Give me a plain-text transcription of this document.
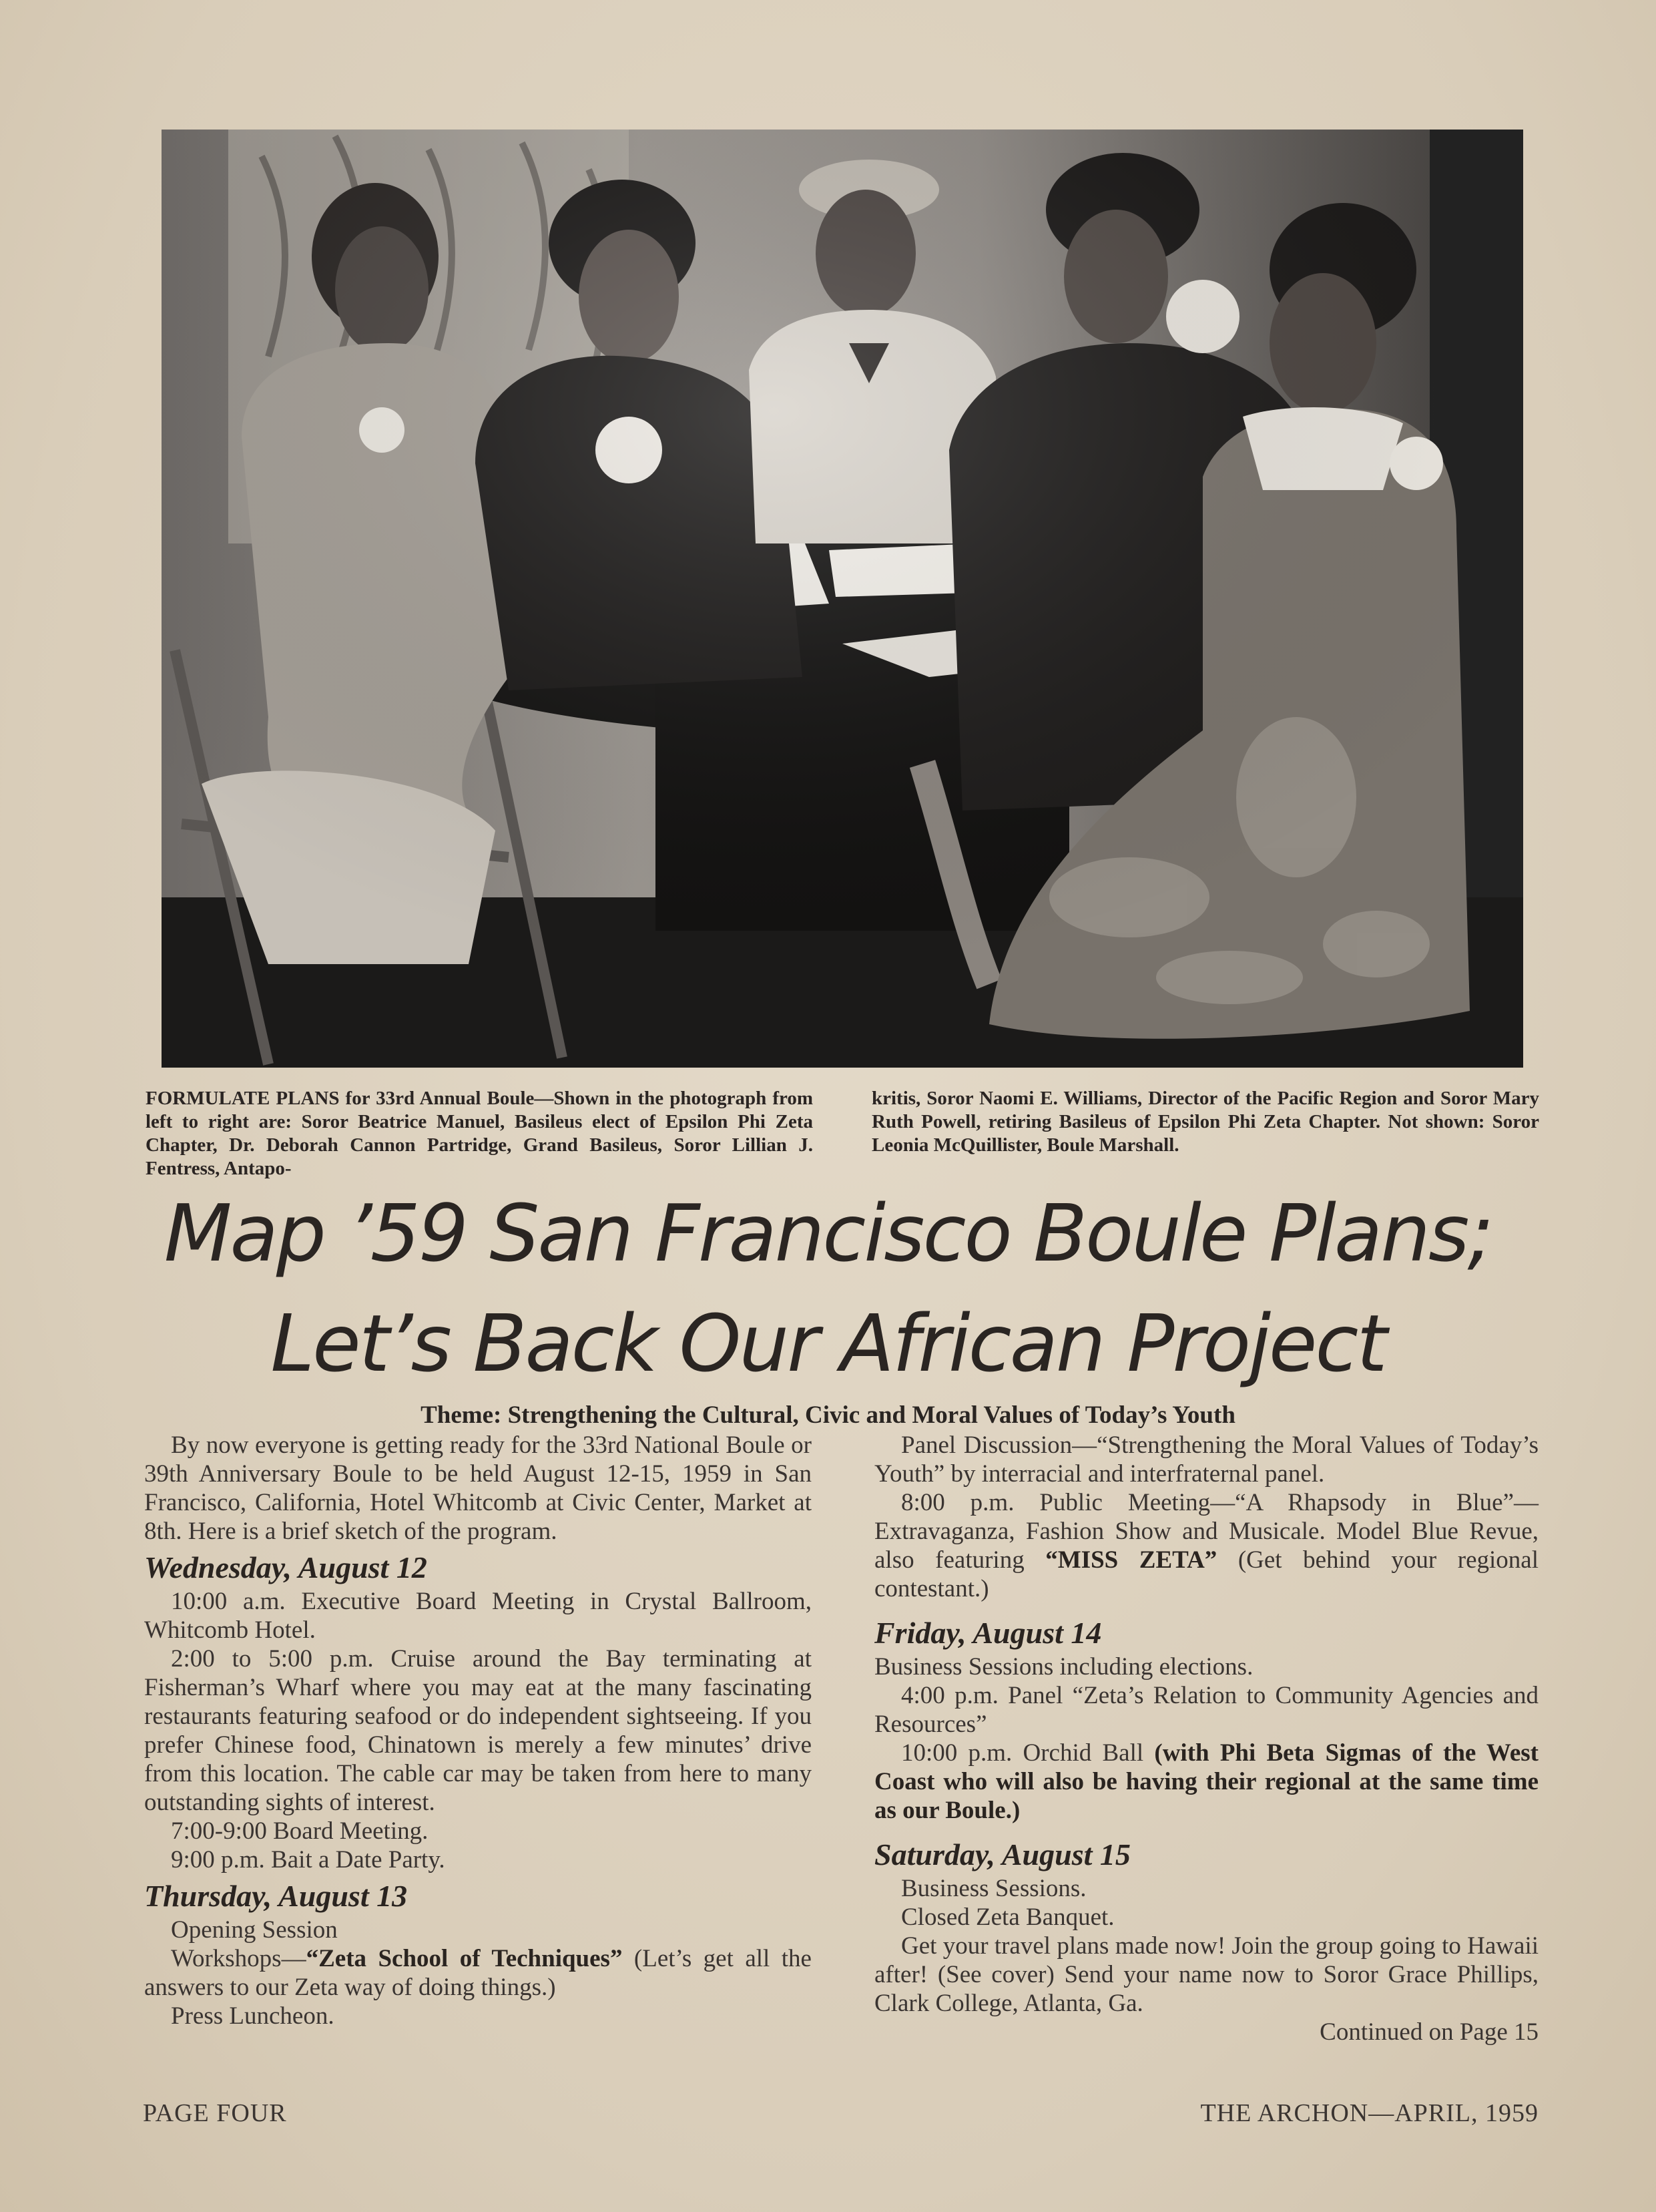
FORMULATE PLANS for 33rd Annual Boule—Shown in the photograph from left to right are: Soror Beatrice Manuel, Basileus elect of Epsilon Phi Zeta Chapter, Dr. Deborah Cannon Partridge, Grand Basileus, Soror Lillian J. Fentress, Antapo-
kritis, Soror Naomi E. Williams, Director of the Pacific Region and Soror Mary Ruth Powell, retiring Basileus of Epsilon Phi Zeta Chapter. Not shown: Soror Leonia McQuillister, Boule Marshall.
Map ’59 San Francisco Boule Plans;
Let’s Back Our African Project
Theme: Strengthening the Cultural, Civic and Moral Values of Today’s Youth

By now everyone is getting ready for the 33rd National Boule or 39th Anniversary Boule to be held August 12-15, 1959 in San Francisco, California, Hotel Whitcomb at Civic Center, Market at 8th. Here is a brief sketch of the program.

Wednesday, August 12

10:00 a.m. Executive Board Meeting in Crystal Ballroom, Whitcomb Hotel.

2:00 to 5:00 p.m. Cruise around the Bay terminating at Fisherman’s Wharf where you may eat at the many fascinating restaurants featuring seafood or do independent sightseeing. If you prefer Chinese food, Chinatown is merely a few minutes’ drive from this location. The cable car may be taken from here to many outstanding sights of interest.

7:00-9:00 Board Meeting.

9:00 p.m. Bait a Date Party.

Thursday, August 13

Opening Session

Workshops—“Zeta School of Techniques” (Let’s get all the answers to our Zeta way of doing things.)

Press Luncheon.

Panel Discussion—“Strengthening the Moral Values of Today’s Youth” by interracial and interfraternal panel.

8:00 p.m. Public Meeting—“A Rhapsody in Blue”—Extravaganza, Fashion Show and Musicale. Model Blue Revue, also featuring “MISS ZETA” (Get behind your regional contestant.)

Friday, August 14

Business Sessions including elections.

4:00 p.m. Panel “Zeta’s Relation to Community Agencies and Resources”

10:00 p.m. Orchid Ball (with Phi Beta Sigmas of the West Coast who will also be having their regional at the same time as our Boule.)

Saturday, August 15

Business Sessions.

Closed Zeta Banquet.

Get your travel plans made now! Join the group going to Hawaii after! (See cover) Send your name now to Soror Grace Phillips, Clark College, Atlanta, Ga.

Continued on Page 15

PAGE FOUR	THE ARCHON—APRIL, 1959
